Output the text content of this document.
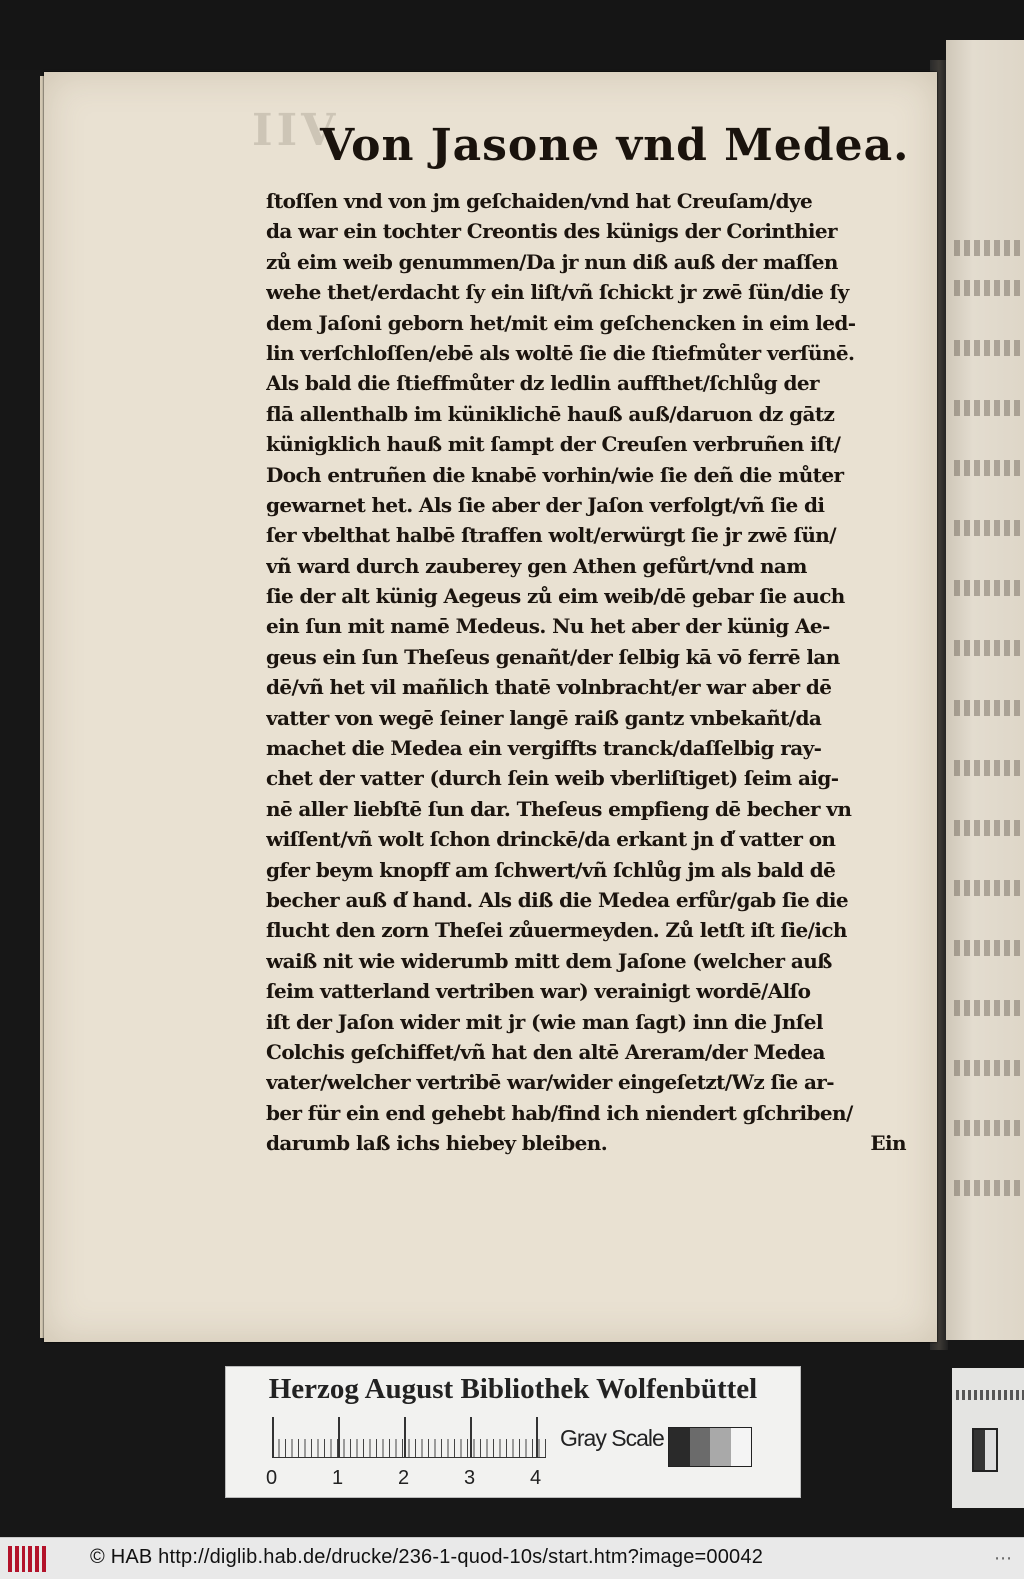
IIV
Von Jasone vnd Medea.
ſtoſſen vnd von jm geſchaiden/vnd hat Creuſam/dye
da war ein tochter Creontis des künigs der Corinthier
zů eim weib genummen/Da jr nun diß auß der maſſen
wehe thet/erdacht ſy ein liſt/vñ ſchickt jr zwē ſün/die ſy
dem Jaſoni geborn het/mit eim geſchencken in eim led-
lin verſchloſſen/ebē als woltē ſie die ſtiefmůter verſünē.
Als bald die ſtieffmůter dz ledlin auffthet/ſchlůg der
flā allenthalb im küniklichē hauß auß/daruon dz gātz
künigklich hauß mit ſampt der Creuſen verbruñen iſt/
Doch entruñen die knabē vorhin/wie ſie deñ die můter
gewarnet het. Als ſie aber der Jaſon verfolgt/vñ ſie di
ſer vbelthat halbē ſtraffen wolt/erwürgt ſie jr zwē ſün/
vñ ward durch zauberey gen Athen gefůrt/vnd nam
ſie der alt künig Aegeus zů eim weib/dē gebar ſie auch
ein ſun mit namē Medeus. Nu het aber der künig Ae-
geus ein ſun Theſeus genañt/der ſelbig kā vō ferrē lan
dē/vñ het vil mañlich thatē volnbracht/er war aber dē
vatter von wegē ſeiner langē raiß gantz vnbekañt/da
machet die Medea ein vergiffts tranck/daſſelbig ray-
chet der vatter (durch ſein weib vberliſtiget) ſeim aig-
nē aller liebſtē ſun dar. Theſeus empfieng dē becher vn
wiſſent/vñ wolt ſchon drinckē/da erkant jn d̕ vatter on
gfer beym knopff am ſchwert/vñ ſchlůg jm als bald dē
becher auß d̕ hand. Als diß die Medea erfůr/gab ſie die
flucht den zorn Theſei zůuermeyden. Zů letſt iſt ſie/ich
waiß nit wie widerumb mitt dem Jaſone (welcher auß
ſeim vatterland vertriben war) verainigt wordē/Alſo
iſt der Jaſon wider mit jr (wie man ſagt) inn die Jnſel
Colchis geſchiffet/vñ hat den altē Areram/der Medea
vater/welcher vertribē war/wider eingeſetzt/Wz ſie ar-
ber für ein end gehebt hab/find ich niendert gſchriben/
darumb laß ichs hiebey bleiben.	Ein
Herzog August Bibliothek Wolfenbüttel
0	1	2	3	4
Gray Scale
© HAB http://diglib.hab.de/drucke/236-1-quod-10s/start.htm?image=00042	⋯
